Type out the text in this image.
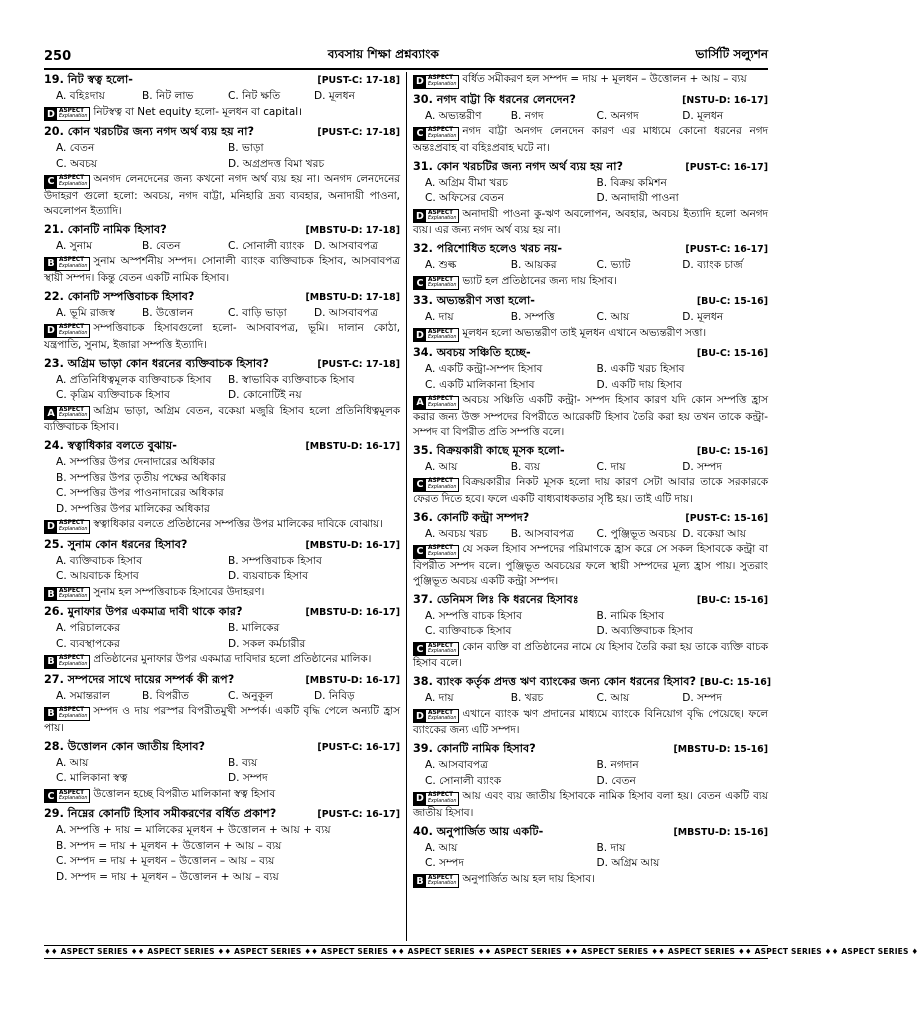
250	ব্যবসায় শিক্ষা প্রশ্নব্যাংক	ভার্সিটি সল্যুশন
19. নিট স্বত্ব হলো-	[PUST-C: 17-18]
A. বহিঃদায়	B. নিট লাভ	C. নিট ক্ষতি	D. মূলধন
D ASPECT
Explanation নিটস্বত্ব বা Net equity হলো- মূলধন বা capital।
20. কোন খরচটির জন্য নগদ অর্থ ব্যয় হয় না?	[PUST-C: 17-18]
A. বেতন	B. ভাড়া
C. অবচয়	D. অগ্রপ্রদত্ত বিমা খরচ
C ASPECT
Explanation অনগদ লেনদেনের জন্য কখনো নগদ অর্থ ব্যয় হয় না। অনগদ লেনদেনের উদাহরণ গুলো হলো: অবচয়, নগদ বাট্টা, মনিহারি দ্রব্য ব্যবহার, অনাদায়ী পাওনা, অবলোপন ইত্যাদি।
21. কোনটি নামিক হিসাব?	[MBSTU-D: 17-18]
A. সুনাম	B. বেতন	C. সোনালী ব্যাংক D. আসবাবপত্র
B ASPECT
Explanation সুনাম অস্পর্শনীয় সম্পদ। সোনালী ব্যাংক ব্যক্তিবাচক হিসাব, আসবাবপত্র স্থায়ী সম্পদ। কিন্তু বেতন একটি নামিক হিসাব।
22. কোনটি সম্পত্তিবাচক হিসাব?	[MBSTU-D: 17-18]
A. ভূমি রাজস্ব	B. উত্তোলন	C. বাড়ি ভাড়া	D. আসবাবপত্র
D ASPECT
Explanation সম্পত্তিবাচক হিসাবগুলো হলো- আসবাবপত্র, ভূমি। দালান কোঠা, যন্ত্রপাতি, সুনাম, ইজারা সম্পত্তি ইত্যাদি।
23. অগ্রিম ভাড়া কোন ধরনের ব্যক্তিবাচক হিসাব?	[PUST-C: 17-18]
A. প্রতিনিধিত্বমূলক ব্যক্তিবাচক হিসাব	B. স্বাভাবিক ব্যক্তিবাচক হিসাব
C. কৃত্রিম ব্যক্তিবাচক হিসাব	D. কোনোটিই নয়
A ASPECT
Explanation অগ্রিম ভাড়া, অগ্রিম বেতন, বকেয়া মজুরি হিসাব হলো প্রতিনিধিত্বমূলক ব্যক্তিবাচক হিসাব।
24. স্বত্বাধিকার বলতে বুঝায়-	[MBSTU-D: 16-17]
A. সম্পত্তির উপর দেনাদারের অধিকার
B. সম্পত্তির উপর তৃতীয় পক্ষের অধিকার
C. সম্পত্তির উপর পাওনাদারের অধিকার
D. সম্পত্তির উপর মালিকের অধিকার
D ASPECT
Explanation স্বত্বাধিকার বলতে প্রতিষ্ঠানের সম্পত্তির উপর মালিকের দাবিকে বোঝায়।
25. সুনাম কোন ধরনের হিসাব?	[MBSTU-D: 16-17]
A. ব্যক্তিবাচক হিসাব	B. সম্পত্তিবাচক হিসাব
C. আয়বাচক হিসাব	D. ব্যয়বাচক হিসাব
B ASPECT
Explanation সুনাম হল সম্পত্তিবাচক হিসাবের উদাহরণ।
26. মুনাফার উপর একমাত্র দাবী থাকে কার?	[MBSTU-D: 16-17]
A. পরিচালকের	B. মালিকের
C. ব্যবস্থাপকের	D. সকল কর্মচারীর
B ASPECT
Explanation প্রতিষ্ঠানের মুনাফার উপর একমাত্র দাবিদার হলো প্রতিষ্ঠানের মালিক।
27. সম্পদের সাথে দায়ের সম্পর্ক কী রূপ?	[MBSTU-D: 16-17]
A. সমান্তরাল	B. বিপরীত	C. অনুকূল	D. নিবিড়
B ASPECT
Explanation সম্পদ ও দায় পরস্পর বিপরীতমুখী সম্পর্ক। একটি বৃদ্ধি পেলে অন্যটি হ্রাস পায়।
28. উত্তোলন কোন জাতীয় হিসাব?	[PUST-C: 16-17]
A. আয়	B. ব্যয়
C. মালিকানা স্বত্ব	D. সম্পদ
C ASPECT
Explanation উত্তোলন হচ্ছে বিপরীত মালিকানা স্বত্ব হিসাব
29. নিম্নের কোনটি হিসাব সমীকরণের বর্ধিত প্রকাশ?	[PUST-C: 16-17]
A. সম্পত্তি + দায় = মালিকের মূলধন + উত্তোলন + আয় + ব্যয়
B. সম্পদ = দায় + মূলধন + উত্তোলন + আয় – ব্যয়
C. সম্পদ = দায় + মূলধন – উত্তোলন – আয় – ব্যয়
D. সম্পদ = দায় + মূলধন – উত্তোলন + আয় – ব্যয়
D ASPECT
Explanation বর্ধিত সমীকরণ হল সম্পদ = দায় + মূলধন – উত্তোলন + আয় – ব্যয়
30. নগদ বাট্টা কি ধরনের লেনদেন?	[NSTU-D: 16-17]
A. অভ্যন্তরীণ	B. নগদ	C. অনগদ	D. মূলধন
C ASPECT
Explanation নগদ বাট্টা অনগদ লেনদেন কারণ এর মাধ্যমে কোনো ধরনের নগদ অন্তঃপ্রবাহ বা বহিঃপ্রবাহ ঘটে না।
31. কোন খরচটির জন্য নগদ অর্থ ব্যয় হয় না?	[PUST-C: 16-17]
A. অগ্রিম বীমা খরচ	B. বিক্রয় কমিশন
C. অফিসের বেতন	D. অনাদায়ী পাওনা
D ASPECT
Explanation অনাদায়ী পাওনা কু-ঋণ অবলোপন, অবহার, অবচয় ইত্যাদি হলো অনগদ ব্যয়। এর জন্য নগদ অর্থ ব্যয় হয় না।
32. পরিশোধিত হলেও খরচ নয়-	[PUST-C: 16-17]
A. শুল্ক	B. আয়কর	C. ভ্যাট	D. ব্যাংক চার্জ
C ASPECT
Explanation ভ্যাট হল প্রতিষ্ঠানের জন্য দায় হিসাব।
33. অভ্যন্তরীণ সত্তা হলো-	[BU-C: 15-16]
A. দায়	B. সম্পত্তি	C. আয়	D. মূলধন
D ASPECT
Explanation মূলধন হলো অভ্যন্তরীণ তাই মূলধন এখানে অভ্যন্তরীণ সত্তা।
34. অবচয় সঞ্চিতি হচ্ছে-	[BU-C: 15-16]
A. একটি কন্ট্রা-সম্পদ হিসাব	B. একটি খরচ হিসাব
C. একটি মালিকানা হিসাব	D. একটি দায় হিসাব
A ASPECT
Explanation অবচয় সঞ্চিতি একটি কন্ট্রা- সম্পদ হিসাব কারণ যদি কোন সম্পত্তি হ্রাস করার জন্য উক্ত সম্পদের বিপরীতে আরেকটি হিসাব তৈরি করা হয় তখন তাকে কন্ট্রা-সম্পদ বা বিপরীত প্রতি সম্পত্তি বলে।
35. বিক্রয়কারী কাছে মূসক হলো-	[BU-C: 15-16]
A. আয়	B. ব্যয়	C. দায়	D. সম্পদ
C ASPECT
Explanation বিক্রয়কারীর নিকট মূসক হলো দায় কারণ সেটা আবার তাকে সরকারকে ফেরত দিতে হবে। ফলে একটি বাধ্যবাধকতার সৃষ্টি হয়। তাই এটি দায়।
36. কোনটি কন্ট্রা সম্পদ?	[PUST-C: 15-16]
A. অবচয় খরচ	B. আসবাবপত্র	C. পুঞ্জিভূত অবচয় D. বকেয়া আয়
C ASPECT
Explanation যে সকল হিসাব সম্পদের পরিমাণকে হ্রাস করে সে সকল হিসাবকে কন্ট্রা বা বিপরীত সম্পদ বলে। পুঞ্জিভূত অবচয়ের ফলে স্থায়ী সম্পদের মূল্য হ্রাস পায়। সুতরাং পুঞ্জিভূত অবচয় একটি কন্ট্রা সম্পদ।
37. ডেনিমস লিঃ কি ধরনের হিসাবঃ	[BU-C: 15-16]
A. সম্পত্তি বাচক হিসাব	B. নামিক হিসাব
C. ব্যক্তিবাচক হিসাব	D. অব্যক্তিবাচক হিসাব
C ASPECT
Explanation কোন ব্যক্তি বা প্রতিষ্ঠানের নামে যে হিসাব তৈরি করা হয় তাকে ব্যক্তি বাচক হিসাব বলে।
38. ব্যাংক কর্তৃক প্রদত্ত ঋণ ব্যাংকের জন্য কোন ধরনের হিসাব? [BU-C: 15-16]
A. দায়	B. খরচ	C. আয়	D. সম্পদ
D ASPECT
Explanation এখানে ব্যাংক ঋণ প্রদানের মাধ্যমে ব্যাংকে বিনিয়োগ বৃদ্ধি পেয়েছে। ফলে ব্যাংকের জন্য এটি সম্পদ।
39. কোনটি নামিক হিসাব?	[MBSTU-D: 15-16]
A. আসবাবপত্র	B. নগদান
C. সোনালী ব্যাংক	D. বেতন
D ASPECT
Explanation আয় এবং ব্যয় জাতীয় হিসাবকে নামিক হিসাব বলা হয়। বেতন একটি ব্যয় জাতীয় হিসাব।
40. অনুপার্জিত আয় একটি-	[MBSTU-D: 15-16]
A. আয়	B. দায়
C. সম্পদ	D. অগ্রিম আয়
B ASPECT
Explanation অনুপার্জিত আয় হল দায় হিসাব।
♦♦ ASPECT SERIES ♦♦ ASPECT SERIES ♦♦ ASPECT SERIES ♦♦ ASPECT SERIES ♦♦ ASPECT SERIES ♦♦ ASPECT SERIES ♦♦ ASPECT SERIES ♦♦ ASPECT SERIES ♦♦ ASPECT SERIES ♦♦ ASPECT SERIES ♦
